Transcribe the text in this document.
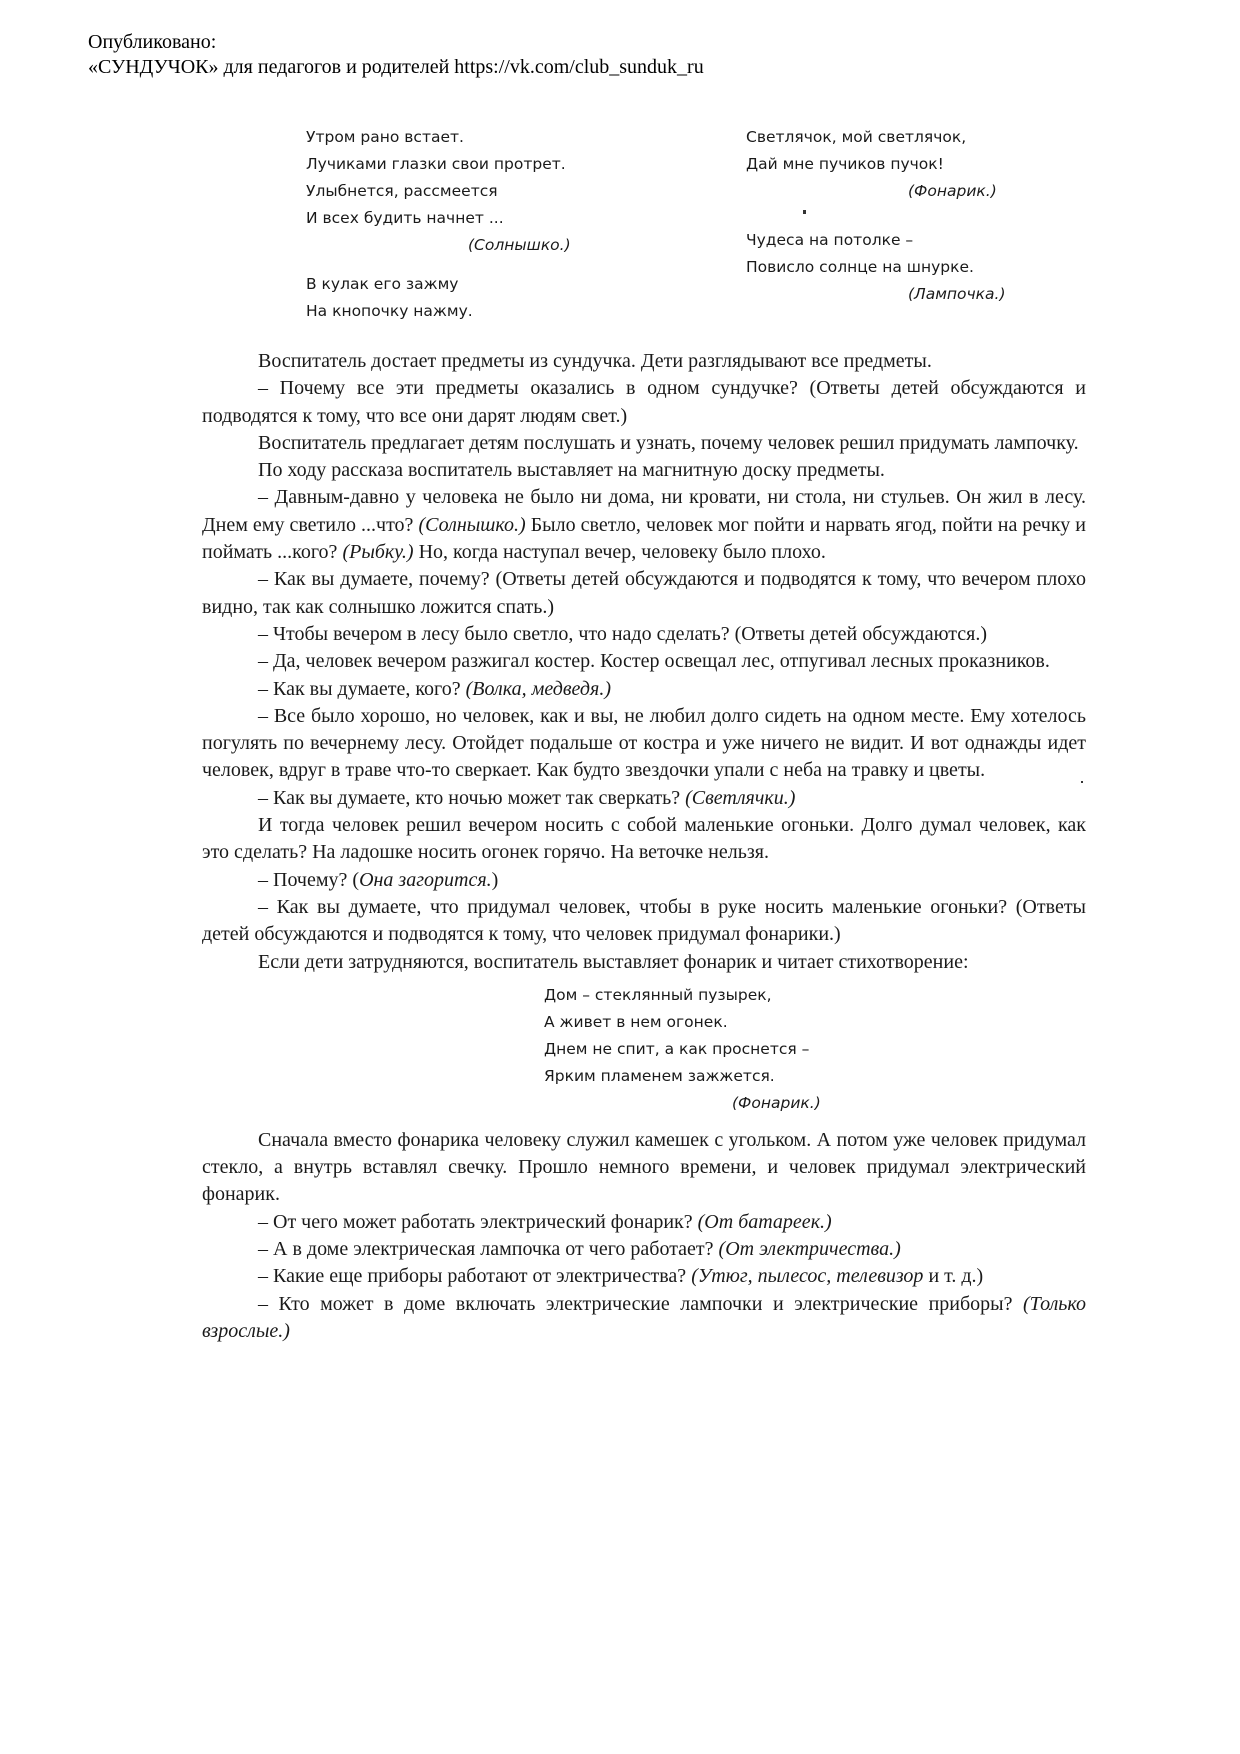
Опубликовано:
«СУНДУЧОК» для педагогов и родителей https://vk.com/club_sunduk_ru
Утром рано встает.
Лучиками глазки свои протрет.
Улыбнется, рассмеется
И всех будить начнет ...
(Солнышко.)
В кулак его зажму
На кнопочку нажму.
Светлячок, мой светлячок,
Дай мне пучиков пучок!
(Фонарик.)
Чудеса на потолке –
Повисло солнце на шнурке.
(Лампочка.)

Воспитатель достает предметы из сундучка. Дети разглядывают все предметы.

– Почему все эти предметы оказались в одном сундучке? (Ответы детей обсуждаются и подводятся к тому, что все они дарят людям свет.)

Воспитатель предлагает детям послушать и узнать, почему человек решил придумать лампочку.

По ходу рассказа воспитатель выставляет на магнитную доску предметы.

– Давным-давно у человека не было ни дома, ни кровати, ни стола, ни стульев. Он жил в лесу. Днем ему светило ...что? (Солнышко.) Было светло, человек мог пойти и нарвать ягод, пойти на речку и поймать ...кого? (Рыбку.) Но, когда наступал вечер, человеку было плохо.

– Как вы думаете, почему? (Ответы детей обсуждаются и подводятся к тому, что вечером плохо видно, так как солнышко ложится спать.)

– Чтобы вечером в лесу было светло, что надо сделать? (Ответы детей обсуждаются.)

– Да, человек вечером разжигал костер. Костер освещал лес, отпугивал лесных проказников.

– Как вы думаете, кого? (Волка, медведя.)

– Все было хорошо, но человек, как и вы, не любил долго сидеть на одном месте. Ему хотелось погулять по вечернему лесу. Отойдет подальше от костра и уже ничего не видит. И вот однажды идет человек, вдруг в траве что-то сверкает. Как будто звездочки упали с неба на травку и цветы.

– Как вы думаете, кто ночью может так сверкать? (Светлячки.)

И тогда человек решил вечером носить с собой маленькие огоньки. Долго думал человек, как это сделать? На ладошке носить огонек горячо. На веточке нельзя.

– Почему? (Она загорится.)

– Как вы думаете, что придумал человек, чтобы в руке носить маленькие огоньки? (Ответы детей обсуждаются и подводятся к тому, что человек придумал фонарики.)

Если дети затрудняются, воспитатель выставляет фонарик и читает стихотворение:

Дом – стеклянный пузырек,
А живет в нем огонек.
Днем не спит, а как проснется –
Ярким пламенем зажжется.
(Фонарик.)

Сначала вместо фонарика человеку служил камешек с угольком. А потом уже человек придумал стекло, а внутрь вставлял свечку. Прошло немного времени, и человек придумал электрический фонарик.

– От чего может работать электрический фонарик? (От батареек.)

– А в доме электрическая лампочка от чего работает? (От электричества.)

– Какие еще приборы работают от электричества? (Утюг, пылесос, телевизор и т. д.)

– Кто может в доме включать электрические лампочки и электрические приборы? (Только взрослые.)
